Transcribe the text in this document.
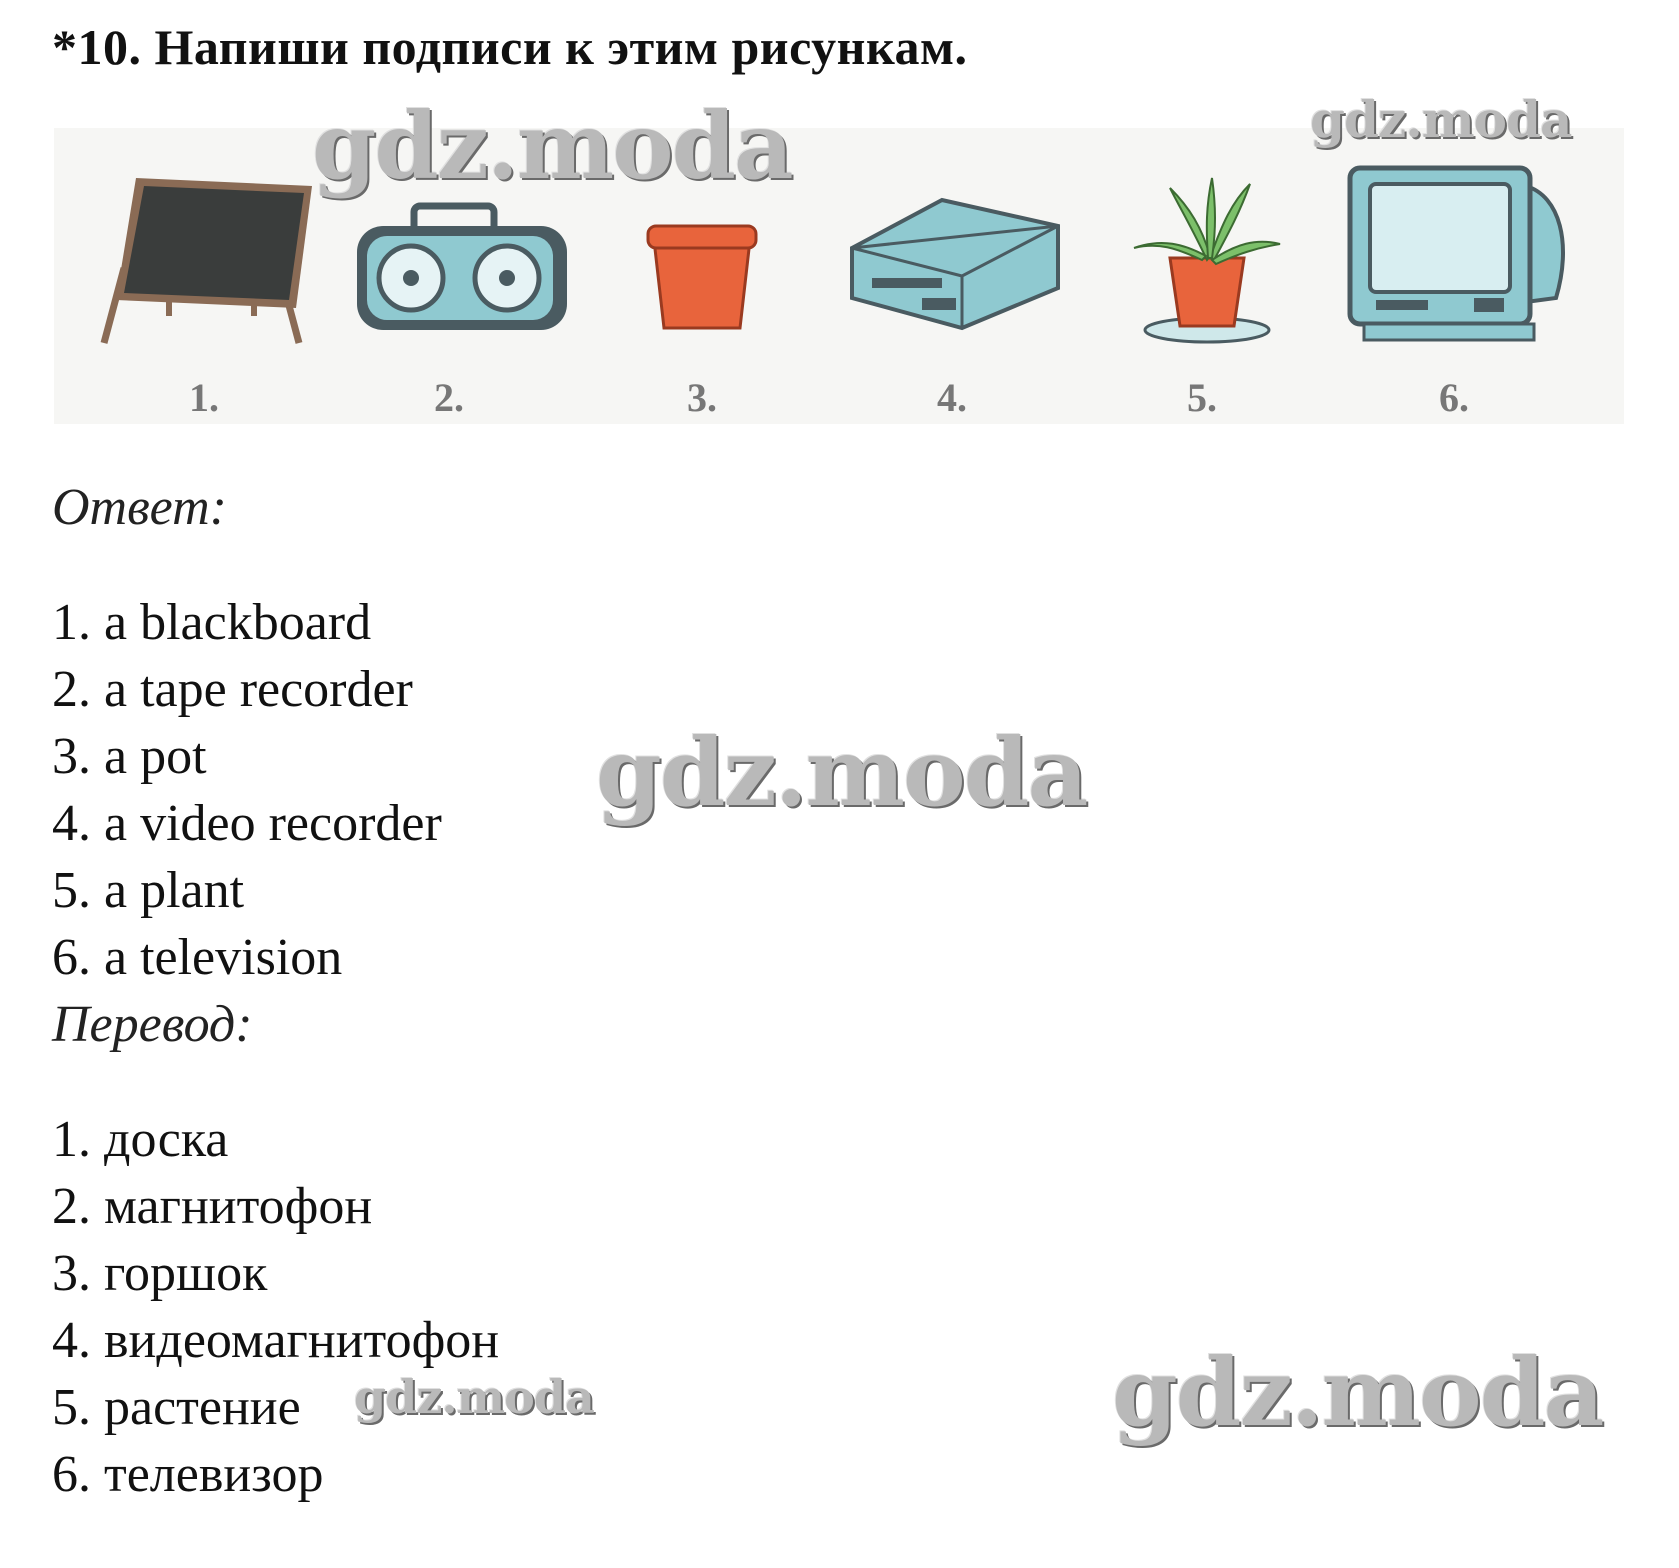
*10. Напиши подписи к этим рисункам.
1.	2.	3.	4.	5.	6.
Ответ:
1. a blackboard
2. a tape recorder
3. a pot
4. a video recorder
5. a plant
6. a television
Перевод:
1. доска
2. магнитофон
3. горшок
4. видеомагнитофон
5. растение
6. телевизор
gdz.moda	gdz.moda
gdz.moda
gdz.moda	gdz.moda
